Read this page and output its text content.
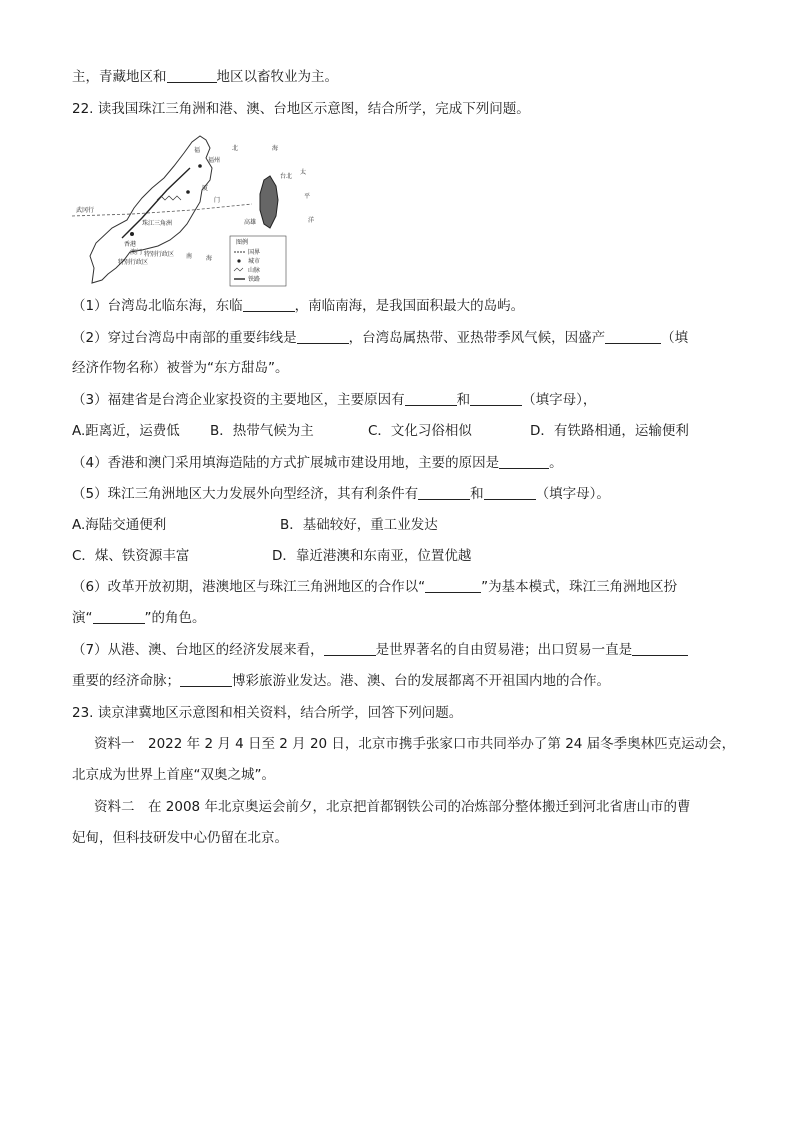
主，青藏地区和	地区以畜牧业为主。
22. 读我国珠江三角洲和港、澳、台地区示意图，结合所学，完成下列问题。
武冈行
珠江三角洲
香港
澳门 特别行政区
特别行政区
福
福州
厦
门
北	海
台北
太
平
洋
高雄
南 海
图例
国界
城市
山脉
铁路
（1）台湾岛北临东海，东临	，南临南海，是我国面积最大的岛屿。
（2）穿过台湾岛中南部的重要纬线是	，台湾岛属热带、亚热带季风气候，因盛产	（填
经济作物名称）被誉为“东方甜岛”。
（3）福建省是台湾企业家投资的主要地区，主要原因有	和	（填字母），
A.距离近，运费低 B．热带气候为主	C．文化习俗相似	D．有铁路相通，运输便利
（4）香港和澳门采用填海造陆的方式扩展城市建设用地，主要的原因是	。
（5）珠江三角洲地区大力发展外向型经济，其有利条件有	和	（填字母）。
A.海陆交通便利	B．基础较好，重工业发达
C．煤、铁资源丰富	D．靠近港澳和东南亚，位置优越
（6）改革开放初期，港澳地区与珠江三角洲地区的合作以“	”为基本模式，珠江三角洲地区扮
演“	”的角色。
（7）从港、澳、台地区的经济发展来看，	是世界著名的自由贸易港；出口贸易一直是
重要的经济命脉；	博彩旅游业发达。港、澳、台的发展都离不开祖国内地的合作。
23. 读京津冀地区示意图和相关资料，结合所学，回答下列问题。
资料一　2022 年 2 月 4 日至 2 月 20 日，北京市携手张家口市共同举办了第 24 届冬季奥林匹克运动会，
北京成为世界上首座“双奥之城”。
资料二　在 2008 年北京奥运会前夕，北京把首都钢铁公司的冶炼部分整体搬迁到河北省唐山市的曹
妃甸，但科技研发中心仍留在北京。
